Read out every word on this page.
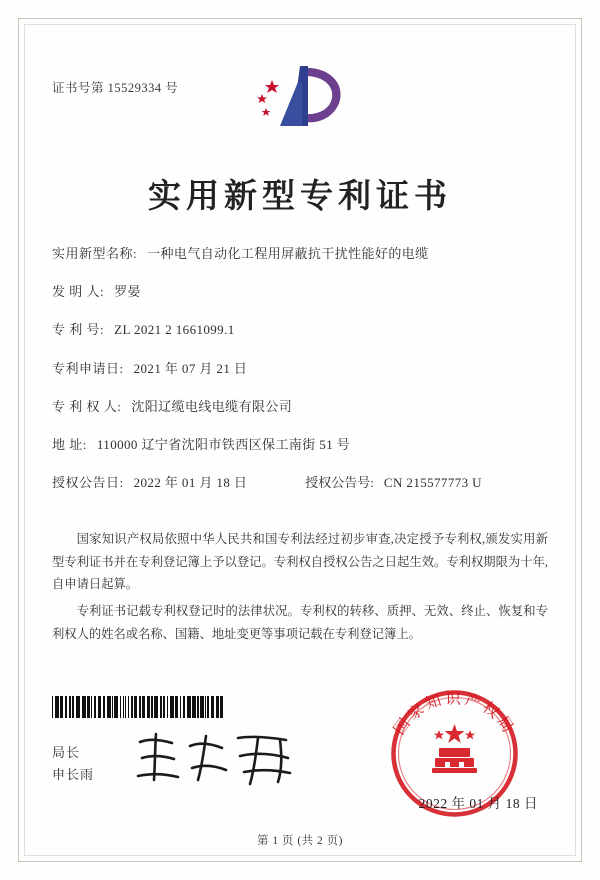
证书号第 15529334 号
实用新型专利证书
实用新型名称: 一种电气自动化工程用屏蔽抗干扰性能好的电缆
发 明 人: 罗晏
专 利 号: ZL 2021 2 1661099.1
专利申请日: 2021 年 07 月 21 日
专 利 权 人: 沈阳辽缆电线电缆有限公司
地 址: 110000 辽宁省沈阳市铁西区保工南街 51 号
授权公告日: 2022 年 01 月 18 日	授权公告号: CN 215577773 U

国家知识产权局依照中华人民共和国专利法经过初步审查,决定授予专利权,颁发实用新型专利证书并在专利登记簿上予以登记。专利权自授权公告之日起生效。专利权期限为十年,自申请日起算。

专利证书记载专利权登记时的法律状况。专利权的转移、质押、无效、终止、恢复和专利权人的姓名或名称、国籍、地址变更等事项记载在专利登记簿上。

局长
申长雨
国家知识产权局
2022 年 01 月 18 日
第 1 页 (共 2 页)
